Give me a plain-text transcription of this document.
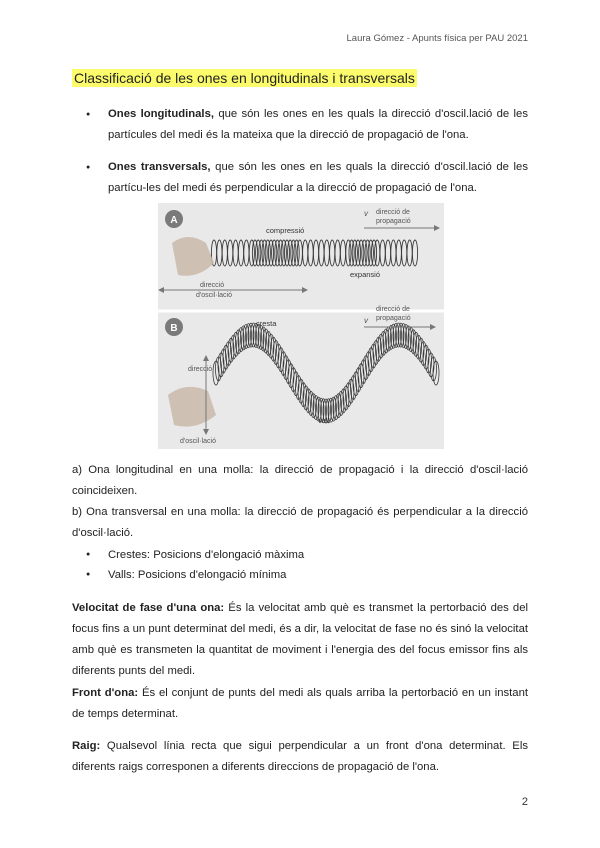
Laura Gómez - Apunts física per PAU 2021
Classificació de les ones en longitudinals i transversals
● Ones longitudinals, que són les ones en les quals la direcció d'oscil.lació de les partícules del medi és la mateixa que la direcció de propagació de l'ona.
● Ones transversals, que són les ones en les quals la direcció d'oscil.lació de les partícu-les del medi és perpendicular a la direcció de propagació de l'ona.
A
compressió
expansió
v direcció de
propagació
direcció
d'oscil·lació
B	cresta
vall
v
direcció de
propagació
direcció
d'oscil·lació

a) Ona longitudinal en una molla: la direcció de propagació i la direcció d'oscil·lació coincideixen.
b) Ona transversal en una molla: la direcció de propagació és perpendicular a la direcció d'oscil·lació.

● Crestes: Posicions d'elongació màxima
● Valls: Posicions d'elongació mínima

Velocitat de fase d'una ona: És la velocitat amb què es transmet la pertorbació des del focus fins a un punt determinat del medi, és a dir, la velocitat de fase no és sinó la velocitat amb què es transmeten la quantitat de moviment i l'energia des del focus emissor fins als diferents punts del medi.

Front d'ona: És el conjunt de punts del medi als quals arriba la pertorbació en un instant de temps determinat.

Raig: Qualsevol línia recta que sigui perpendicular a un front d'ona determinat. Els diferents raigs corresponen a diferents direccions de propagació de l'ona.

2
